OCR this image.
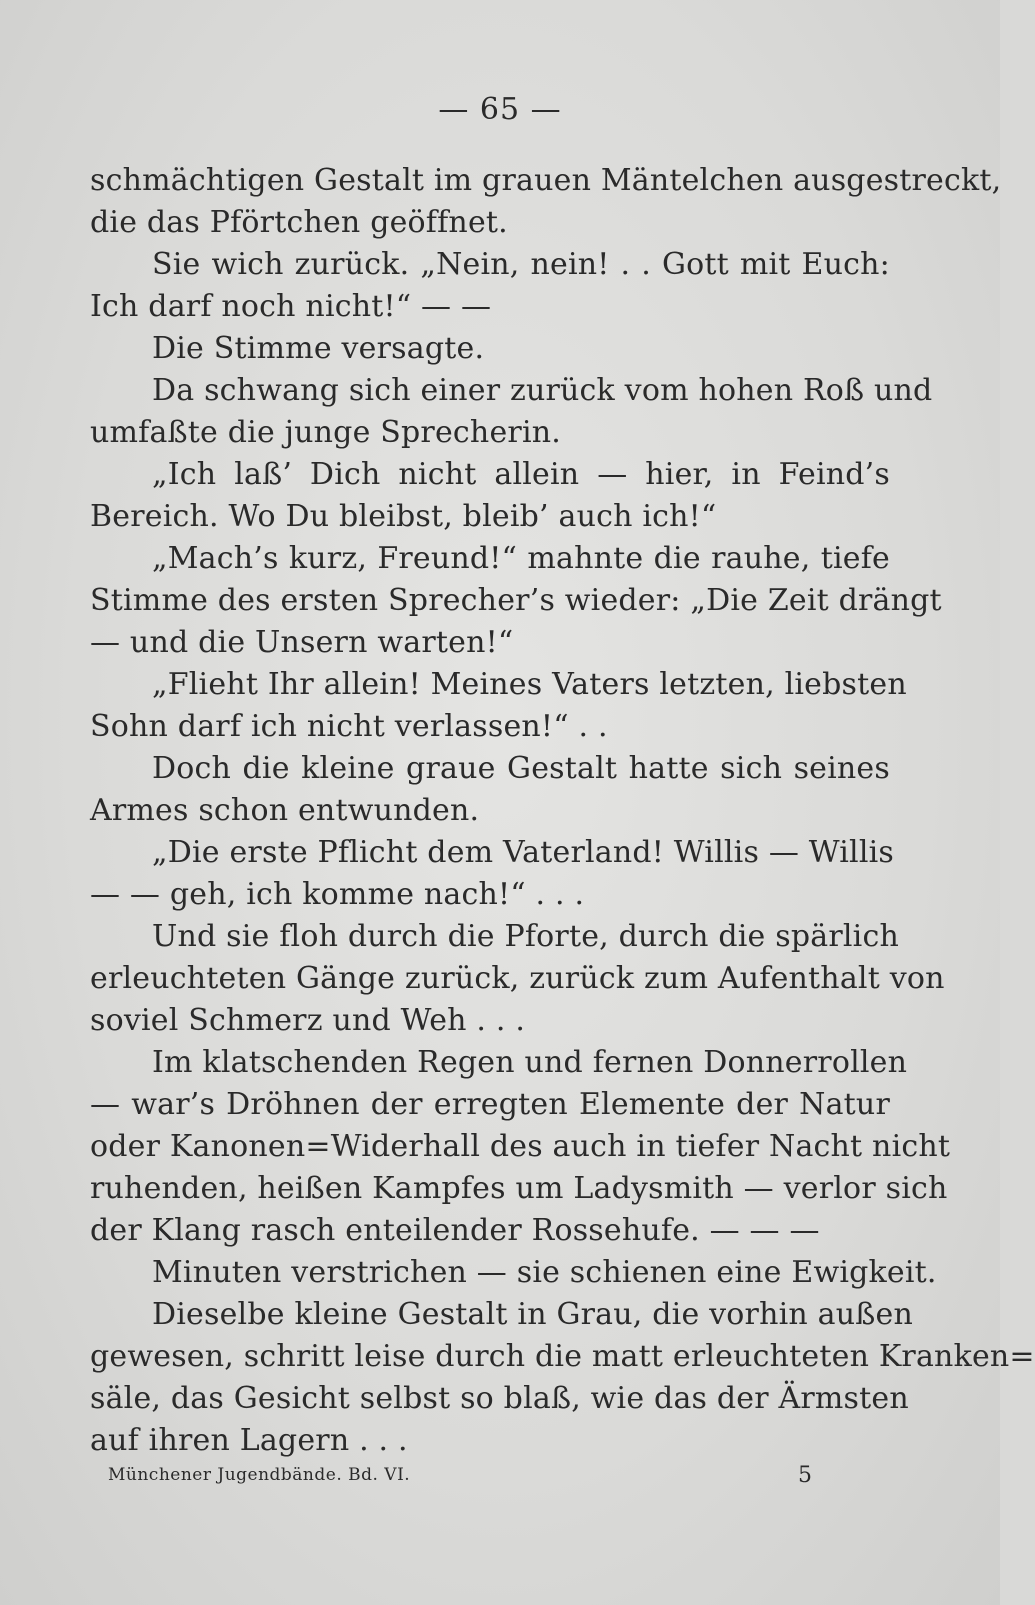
— 65 —
schmächtigen Gestalt im grauen Mäntelchen ausgestreckt,
die das Pförtchen geöffnet.
Sie wich zurück. „Nein, nein! . . Gott mit Euch:
Ich darf noch nicht!“ — —
Die Stimme versagte.
Da schwang sich einer zurück vom hohen Roß und
umfaßte die junge Sprecherin.
„Ich laß’ Dich nicht allein — hier, in Feind’s
Bereich. Wo Du bleibst, bleib’ auch ich!“
„Mach’s kurz, Freund!“ mahnte die rauhe, tiefe
Stimme des ersten Sprecher’s wieder: „Die Zeit drängt
— und die Unsern warten!“
„Flieht Ihr allein! Meines Vaters letzten, liebsten
Sohn darf ich nicht verlassen!“ . .
Doch die kleine graue Gestalt hatte sich seines
Armes schon entwunden.
„Die erste Pflicht dem Vaterland! Willis — Willis
— — geh, ich komme nach!“ . . .
Und sie floh durch die Pforte, durch die spärlich
erleuchteten Gänge zurück, zurück zum Aufenthalt von
soviel Schmerz und Weh . . .
Im klatschenden Regen und fernen Donnerrollen
— war’s Dröhnen der erregten Elemente der Natur
oder Kanonen=Widerhall des auch in tiefer Nacht nicht
ruhenden, heißen Kampfes um Ladysmith — verlor sich
der Klang rasch enteilender Rossehufe. — — —
Minuten verstrichen — sie schienen eine Ewigkeit.
Dieselbe kleine Gestalt in Grau, die vorhin außen
gewesen, schritt leise durch die matt erleuchteten Kranken=
säle, das Gesicht selbst so blaß, wie das der Ärmsten
auf ihren Lagern . . .
Münchener Jugendbände. Bd. VI.	5
